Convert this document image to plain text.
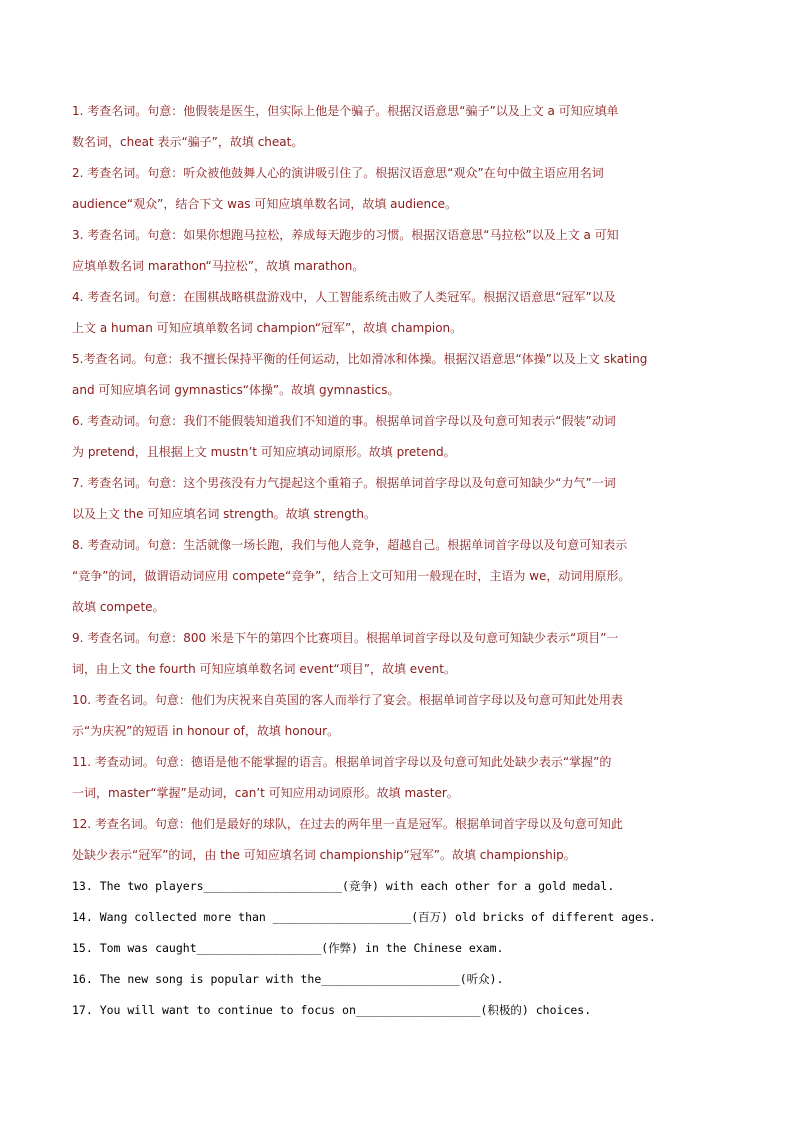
1. 考查名词。句意：他假装是医生，但实际上他是个骗子。根据汉语意思“骗子”以及上文 a 可知应填单
数名词，cheat 表示“骗子”，故填 cheat。
2. 考查名词。句意：听众被他鼓舞人心的演讲吸引住了。根据汉语意思“观众”在句中做主语应用名词
audience“观众”，结合下文 was 可知应填单数名词，故填 audience。
3. 考查名词。句意：如果你想跑马拉松，养成每天跑步的习惯。根据汉语意思“马拉松”以及上文 a 可知
应填单数名词 marathon“马拉松”，故填 marathon。
4. 考查名词。句意：在围棋战略棋盘游戏中，人工智能系统击败了人类冠军。根据汉语意思“冠军”以及
上文 a human 可知应填单数名词 champion“冠军”，故填 champion。
5.考查名词。句意：我不擅长保持平衡的任何运动，比如滑冰和体操。根据汉语意思“体操”以及上文 skating
and 可知应填名词 gymnastics“体操”。故填 gymnastics。
6. 考查动词。句意：我们不能假装知道我们不知道的事。根据单词首字母以及句意可知表示“假装”动词
为 pretend，且根据上文 mustn’t 可知应填动词原形。故填 pretend。
7. 考查名词。句意：这个男孩没有力气提起这个重箱子。根据单词首字母以及句意可知缺少“力气”一词
以及上文 the 可知应填名词 strength。故填 strength。
8. 考查动词。句意：生活就像一场长跑，我们与他人竞争，超越自己。根据单词首字母以及句意可知表示
“竞争”的词，做谓语动词应用 compete“竞争”，结合上文可知用一般现在时，主语为 we，动词用原形。
故填 compete。
9. 考查名词。句意：800 米是下午的第四个比赛项目。根据单词首字母以及句意可知缺少表示“项目”一
词，由上文 the fourth 可知应填单数名词 event“项目”，故填 event。
10. 考查名词。句意：他们为庆祝来自英国的客人而举行了宴会。根据单词首字母以及句意可知此处用表
示“为庆祝”的短语 in honour of，故填 honour。
11. 考查动词。句意：德语是他不能掌握的语言。根据单词首字母以及句意可知此处缺少表示“掌握”的
一词，master“掌握”是动词，can’t 可知应用动词原形。故填 master。
12. 考查名词。句意：他们是最好的球队，在过去的两年里一直是冠军。根据单词首字母以及句意可知此
处缺少表示“冠军”的词，由 the 可知应填名词 championship“冠军”。故填 championship。
13. The two players____________________(竞争) with each other for a gold medal.
14. Wang collected more than ____________________(百万) old bricks of different ages.
15. Tom was caught__________________(作弊) in the Chinese exam.
16. The new song is popular with the____________________(听众).
17. You will want to continue to focus on__________________(积极的) choices.
